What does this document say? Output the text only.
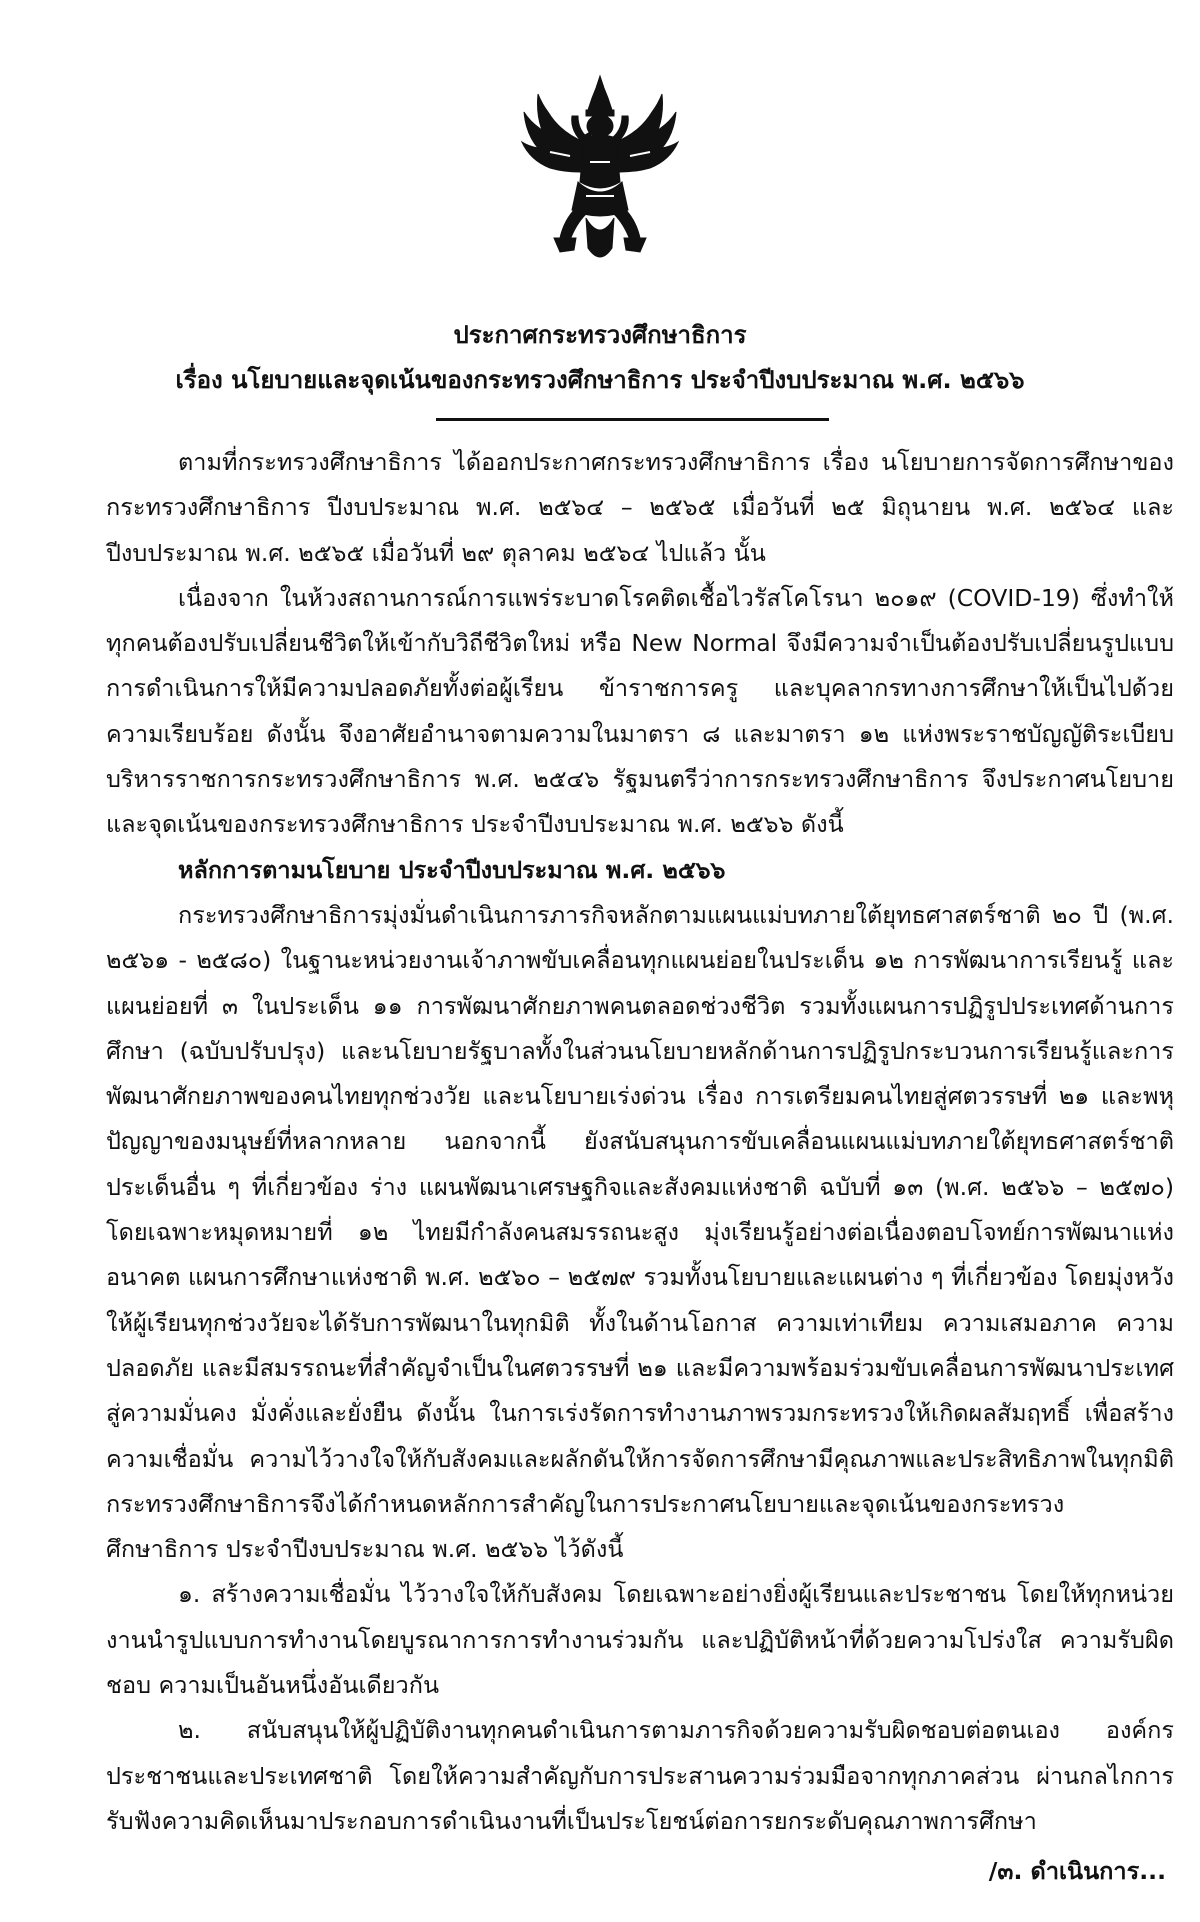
ประกาศกระทรวงศึกษาธิการ
เรื่อง นโยบายและจุดเน้นของกระทรวงศึกษาธิการ ประจำปีงบประมาณ พ.ศ. ๒๕๖๖

ตามที่กระทรวงศึกษาธิการ ได้ออกประกาศกระทรวงศึกษาธิการ เรื่อง นโยบายการจัดการศึกษาของกระทรวงศึกษาธิการ ปีงบประมาณ พ.ศ. ๒๕๖๔ – ๒๕๖๕ เมื่อวันที่ ๒๕ มิถุนายน พ.ศ. ๒๕๖๔ และปีงบประมาณ พ.ศ. ๒๕๖๕ เมื่อวันที่ ๒๙ ตุลาคม ๒๕๖๔ ไปแล้ว นั้น

เนื่องจาก ในห้วงสถานการณ์การแพร่ระบาดโรคติดเชื้อไวรัสโคโรนา ๒๐๑๙ (COVID-19) ซึ่งทำให้ทุกคนต้องปรับเปลี่ยนชีวิตให้เข้ากับวิถีชีวิตใหม่ หรือ New Normal จึงมีความจำเป็นต้องปรับเปลี่ยนรูปแบบการดำเนินการให้มีความปลอดภัยทั้งต่อผู้เรียน ข้าราชการครู และบุคลากรทางการศึกษาให้เป็นไปด้วยความเรียบร้อย ดังนั้น จึงอาศัยอำนาจตามความในมาตรา ๘ และมาตรา ๑๒ แห่งพระราชบัญญัติระเบียบบริหารราชการกระทรวงศึกษาธิการ พ.ศ. ๒๕๔๖ รัฐมนตรีว่าการกระทรวงศึกษาธิการ จึงประกาศนโยบายและจุดเน้นของกระทรวงศึกษาธิการ ประจำปีงบประมาณ พ.ศ. ๒๕๖๖ ดังนี้

หลักการตามนโยบาย ประจำปีงบประมาณ พ.ศ. ๒๕๖๖

กระทรวงศึกษาธิการมุ่งมั่นดำเนินการภารกิจหลักตามแผนแม่บทภายใต้ยุทธศาสตร์ชาติ ๒๐ ปี (พ.ศ. ๒๕๖๑ - ๒๕๘๐) ในฐานะหน่วยงานเจ้าภาพขับเคลื่อนทุกแผนย่อยในประเด็น ๑๒ การพัฒนาการเรียนรู้ และแผนย่อยที่ ๓ ในประเด็น ๑๑ การพัฒนาศักยภาพคนตลอดช่วงชีวิต รวมทั้งแผนการปฏิรูปประเทศด้านการศึกษา (ฉบับปรับปรุง) และนโยบายรัฐบาลทั้งในส่วนนโยบายหลักด้านการปฏิรูปกระบวนการเรียนรู้และการพัฒนาศักยภาพของคนไทยทุกช่วงวัย และนโยบายเร่งด่วน เรื่อง การเตรียมคนไทยสู่ศตวรรษที่ ๒๑ และพหุปัญญาของมนุษย์ที่หลากหลาย นอกจากนี้ ยังสนับสนุนการขับเคลื่อนแผนแม่บทภายใต้ยุทธศาสตร์ชาติประเด็นอื่น ๆ ที่เกี่ยวข้อง ร่าง แผนพัฒนาเศรษฐกิจและสังคมแห่งชาติ ฉบับที่ ๑๓ (พ.ศ. ๒๕๖๖ – ๒๕๗๐) โดยเฉพาะหมุดหมายที่ ๑๒ ไทยมีกำลังคนสมรรถนะสูง มุ่งเรียนรู้อย่างต่อเนื่องตอบโจทย์การพัฒนาแห่งอนาคต แผนการศึกษาแห่งชาติ พ.ศ. ๒๕๖๐ – ๒๕๗๙ รวมทั้งนโยบายและแผนต่าง ๆ ที่เกี่ยวข้อง โดยมุ่งหวังให้ผู้เรียนทุกช่วงวัยจะได้รับการพัฒนาในทุกมิติ ทั้งในด้านโอกาส ความเท่าเทียม ความเสมอภาค ความปลอดภัย และมีสมรรถนะที่สำคัญจำเป็นในศตวรรษที่ ๒๑ และมีความพร้อมร่วมขับเคลื่อนการพัฒนาประเทศสู่ความมั่นคง มั่งคั่งและยั่งยืน ดังนั้น ในการเร่งรัดการทำงานภาพรวมกระทรวงให้เกิดผลสัมฤทธิ์ เพื่อสร้างความเชื่อมั่น ความไว้วางใจให้กับสังคมและผลักดันให้การจัดการศึกษามีคุณภาพและประสิทธิภาพในทุกมิติ กระทรวงศึกษาธิการจึงได้กำหนดหลักการสำคัญในการประกาศนโยบายและจุดเน้นของกระทรวงศึกษาธิการ ประจำปีงบประมาณ พ.ศ. ๒๕๖๖ ไว้ดังนี้

๑. สร้างความเชื่อมั่น ไว้วางใจให้กับสังคม โดยเฉพาะอย่างยิ่งผู้เรียนและประชาชน โดยให้ทุกหน่วยงานนำรูปแบบการทำงานโดยบูรณาการการทำงานร่วมกัน และปฏิบัติหน้าที่ด้วยความโปร่งใส ความรับผิดชอบ ความเป็นอันหนึ่งอันเดียวกัน

๒. สนับสนุนให้ผู้ปฏิบัติงานทุกคนดำเนินการตามภารกิจด้วยความรับผิดชอบต่อตนเอง องค์กร ประชาชนและประเทศชาติ โดยให้ความสำคัญกับการประสานความร่วมมือจากทุกภาคส่วน ผ่านกลไกการรับฟังความคิดเห็นมาประกอบการดำเนินงานที่เป็นประโยชน์ต่อการยกระดับคุณภาพการศึกษา

/๓. ดำเนินการ...
